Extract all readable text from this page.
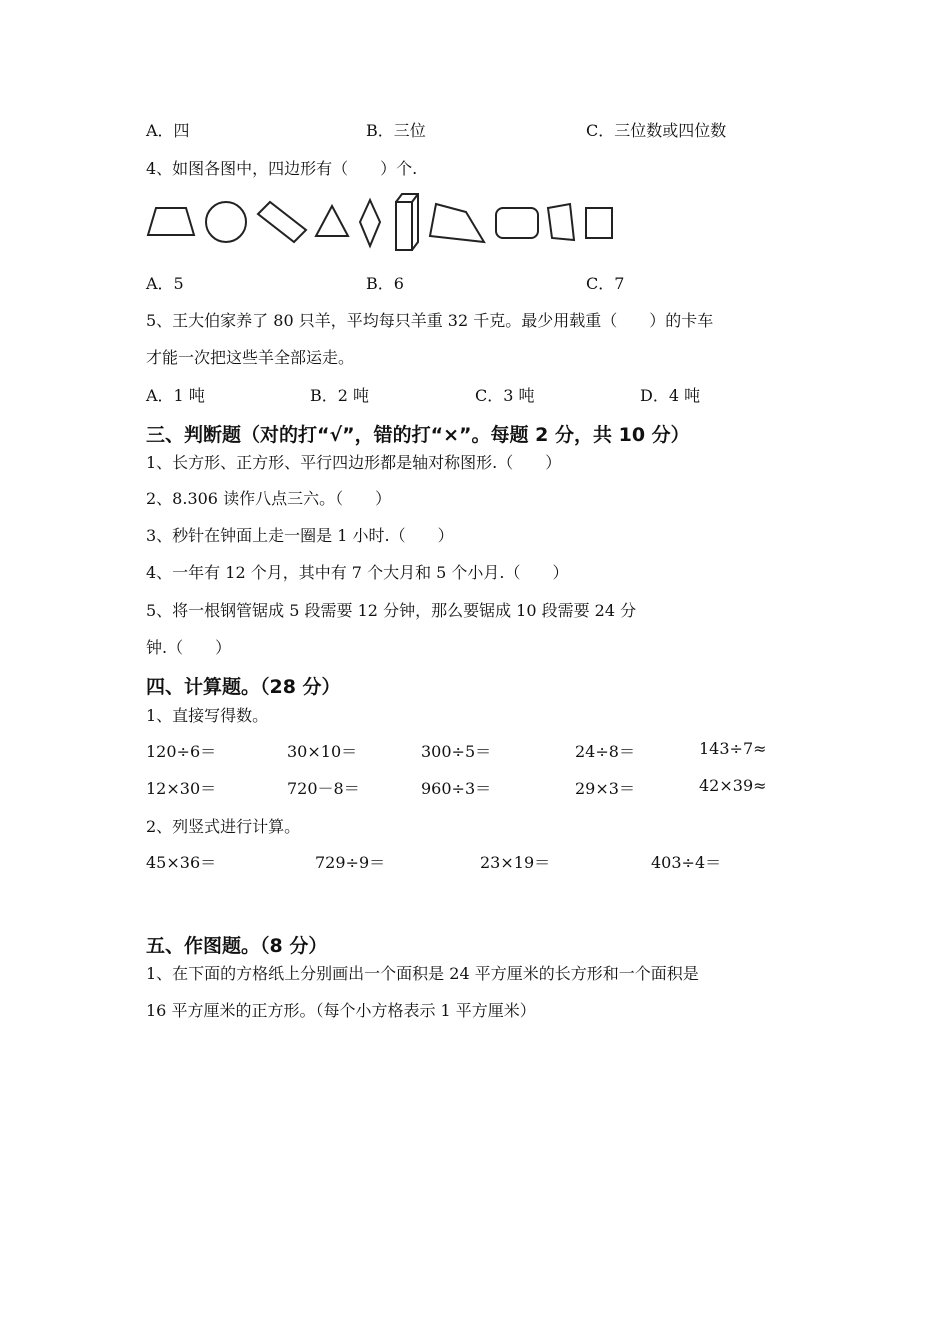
A．四	B．三位	C．三位数或四位数
4、如图各图中，四边形有（　　）个.
A．5	B．6	C．7
5、王大伯家养了 80 只羊，平均每只羊重 32 千克。最少用载重（　　）的卡车
才能一次把这些羊全部运走。
A．1 吨	B．2 吨	C．3 吨	D．4 吨
三、判断题（对的打“√”，错的打“×”。每题 2 分，共 10 分）
1、长方形、正方形、平行四边形都是轴对称图形.（　　）
2、8.306 读作八点三六。（　　）
3、秒针在钟面上走一圈是 1 小时.（　　）
4、一年有 12 个月，其中有 7 个大月和 5 个小月.（　　）
5、将一根钢管锯成 5 段需要 12 分钟，那么要锯成 10 段需要 24 分
钟.（　　）
四、计算题。（28 分）
1、直接写得数。
120÷6＝	30×10＝	300÷5＝	24÷8＝	143÷7≈
12×30＝	720－8＝	960÷3＝	29×3＝	42×39≈
2、列竖式进行计算。
45×36＝	729÷9＝	23×19＝	403÷4＝
五、作图题。（8 分）
1、在下面的方格纸上分别画出一个面积是 24 平方厘米的长方形和一个面积是
16 平方厘米的正方形。（每个小方格表示 1 平方厘米）
